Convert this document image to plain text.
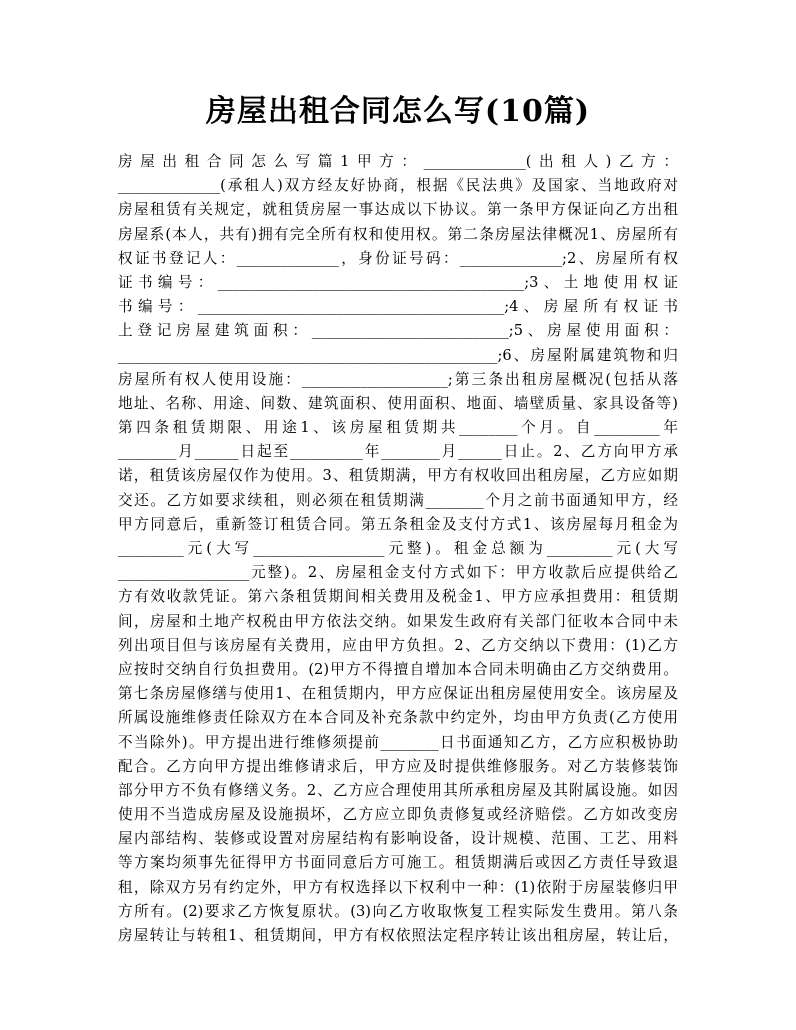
房屋出租合同怎么写(10篇)
房屋出租合同怎么写篇1甲方：______________(出租人)乙方：
______________(承租人)双方经友好协商，根据《民法典》及国家、当地政府对
房屋租赁有关规定，就租赁房屋一事达成以下协议。第一条甲方保证向乙方出租
房屋系(本人，共有)拥有完全所有权和使用权。第二条房屋法律概况1、房屋所有
权证书登记人：______________，身份证号码：______________;2、房屋所有权
证书编号：__________________________________________;3、土地使用权证
书编号：__________________________________________;4、房屋所有权证书
上登记房屋建筑面积：___________________________;5、房屋使用面积：
____________________________________________________;6、房屋附属建筑物和归
房屋所有权人使用设施：____________________;第三条出租房屋概况(包括从落
地址、名称、用途、间数、建筑面积、使用面积、地面、墙壁质量、家具设备等)
第四条租赁期限、用途1、该房屋租赁期共________个月。自_________年
________月______日起至__________年________月______日止。2、乙方向甲方承
诺，租赁该房屋仅作为使用。3、租赁期满，甲方有权收回出租房屋，乙方应如期
交还。乙方如要求续租，则必须在租赁期满________个月之前书面通知甲方，经
甲方同意后，重新签订租赁合同。第五条租金及支付方式1、该房屋每月租金为
_________元(大写__________________元整)。租金总额为_________元(大写
__________________元整)。2、房屋租金支付方式如下：甲方收款后应提供给乙
方有效收款凭证。第六条租赁期间相关费用及税金1、甲方应承担费用：租赁期
间，房屋和土地产权税由甲方依法交纳。如果发生政府有关部门征收本合同中未
列出项目但与该房屋有关费用，应由甲方负担。2、乙方交纳以下费用：(1)乙方
应按时交纳自行负担费用。(2)甲方不得擅自增加本合同未明确由乙方交纳费用。
第七条房屋修缮与使用1、在租赁期内，甲方应保证出租房屋使用安全。该房屋及
所属设施维修责任除双方在本合同及补充条款中约定外，均由甲方负责(乙方使用
不当除外)。甲方提出进行维修须提前________日书面通知乙方，乙方应积极协助
配合。乙方向甲方提出维修请求后，甲方应及时提供维修服务。对乙方装修装饰
部分甲方不负有修缮义务。2、乙方应合理使用其所承租房屋及其附属设施。如因
使用不当造成房屋及设施损坏，乙方应立即负责修复或经济赔偿。乙方如改变房
屋内部结构、装修或设置对房屋结构有影响设备，设计规模、范围、工艺、用料
等方案均须事先征得甲方书面同意后方可施工。租赁期满后或因乙方责任导致退
租，除双方另有约定外，甲方有权选择以下权利中一种：(1)依附于房屋装修归甲
方所有。(2)要求乙方恢复原状。(3)向乙方收取恢复工程实际发生费用。第八条
房屋转让与转租1、租赁期间，甲方有权依照法定程序转让该出租房屋，转让后，
